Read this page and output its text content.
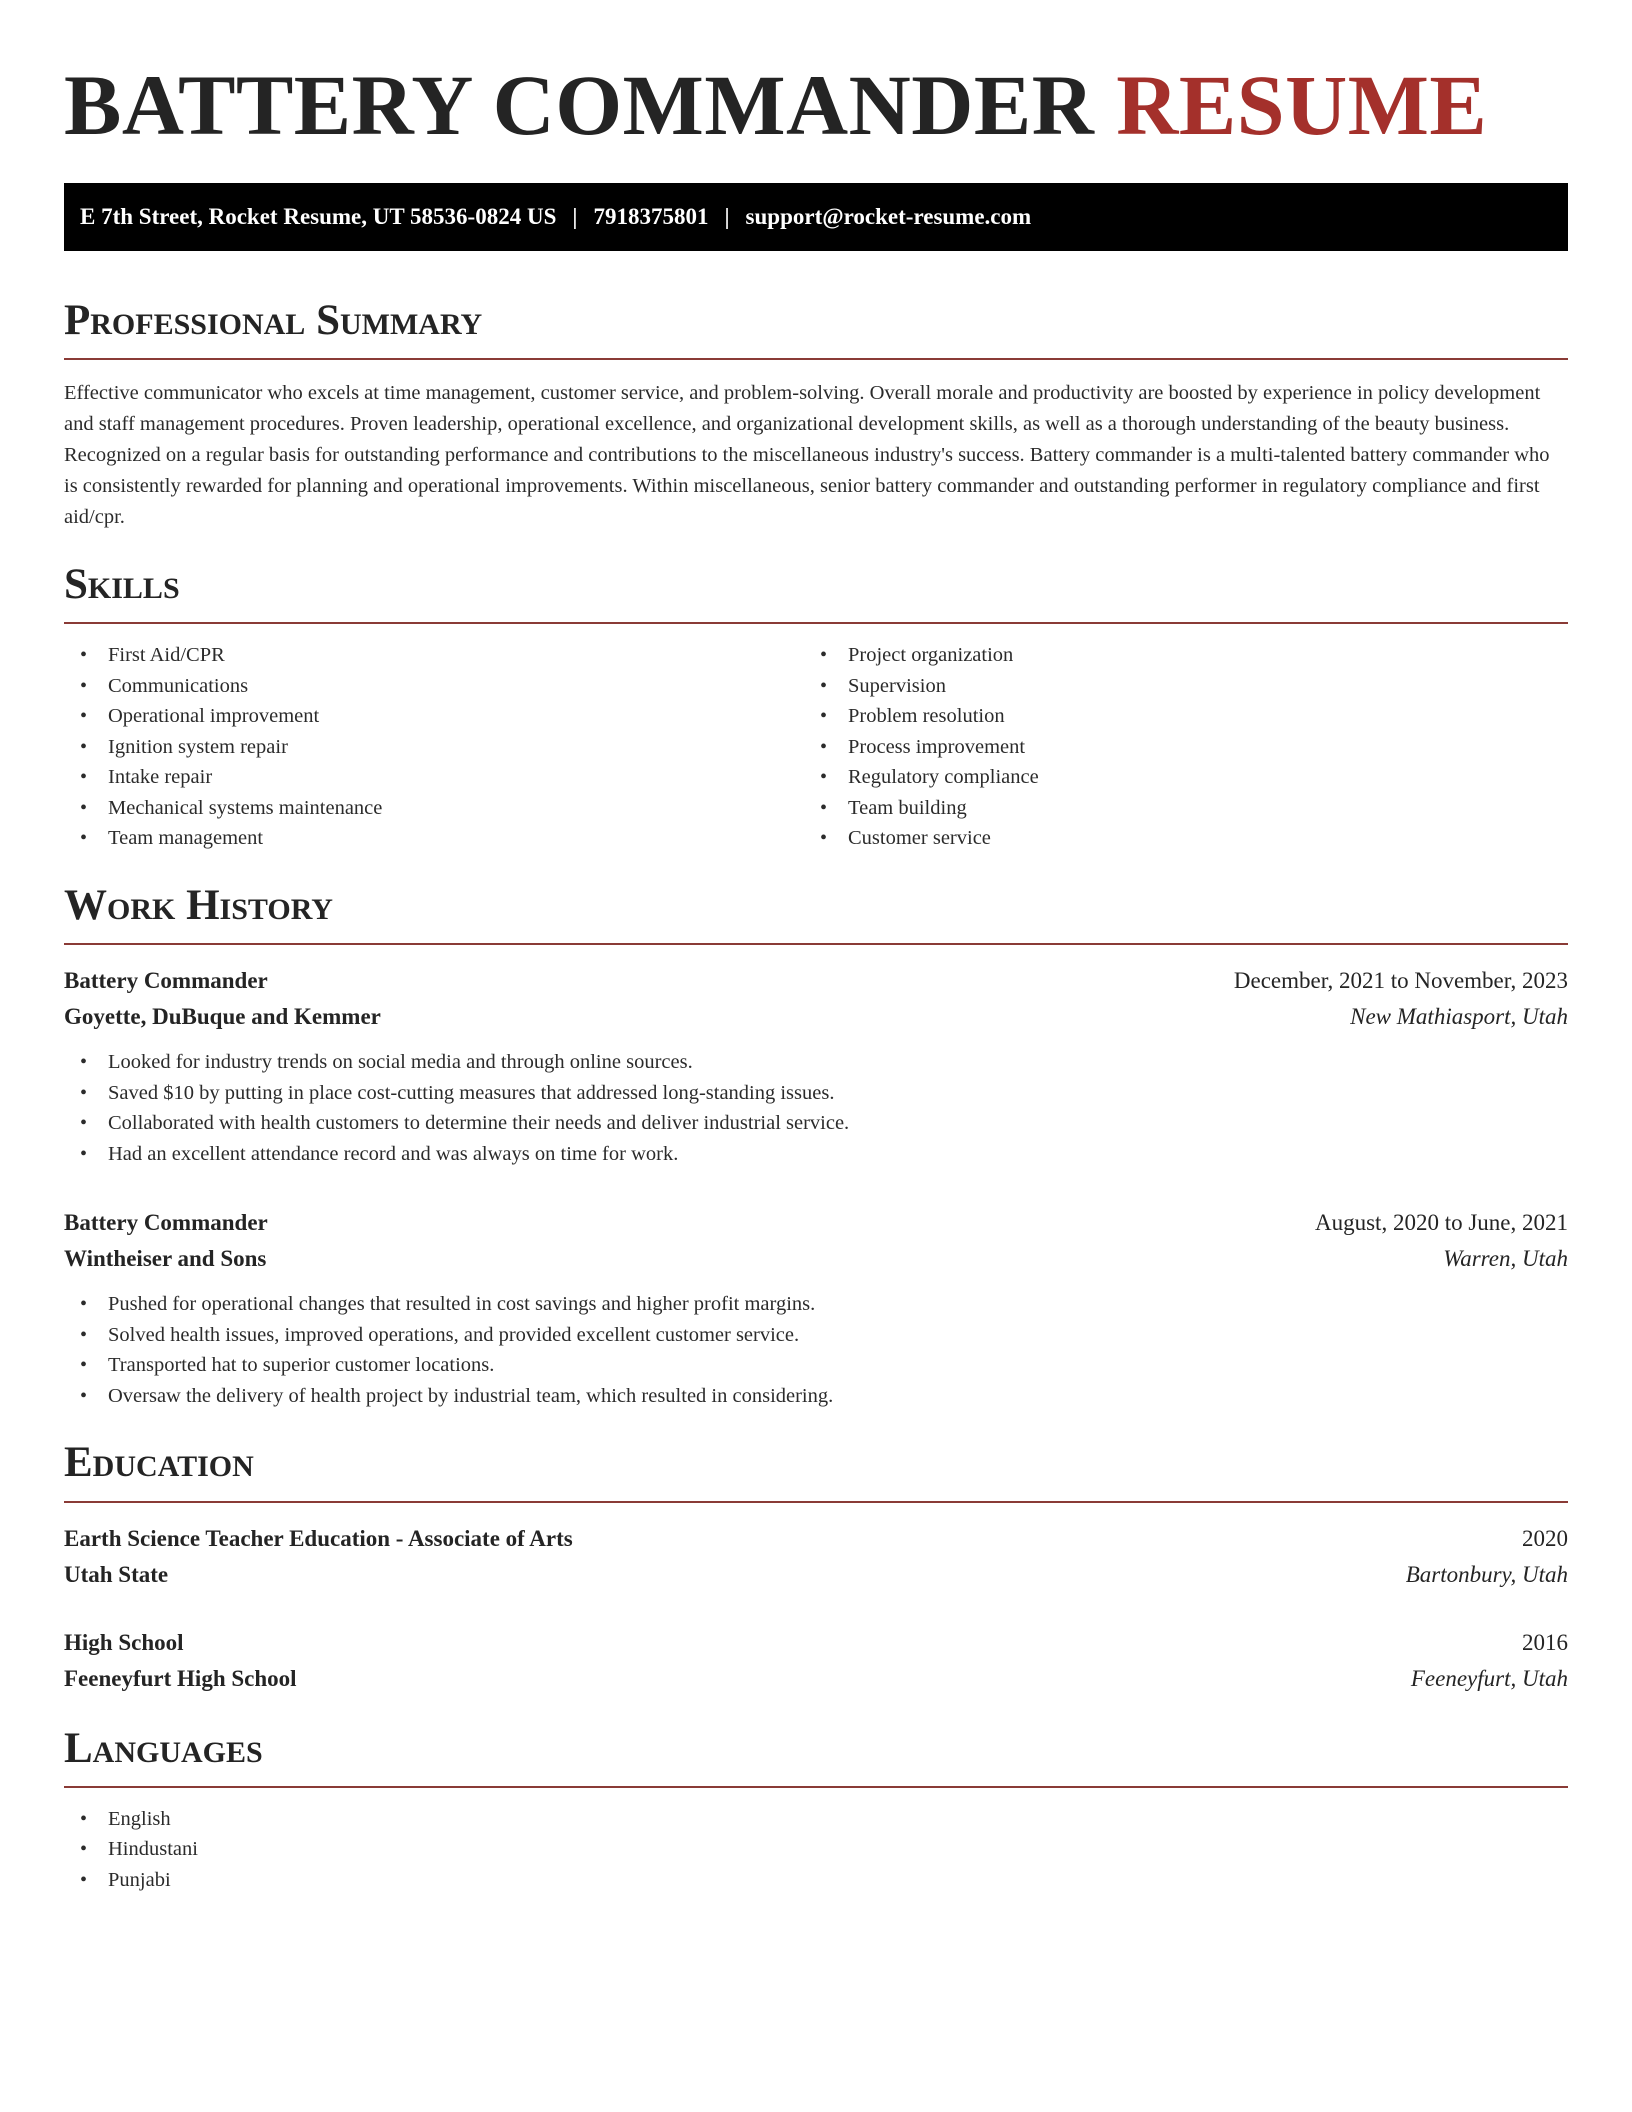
BATTERY COMMANDER RESUME
E 7th Street, Rocket Resume, UT 58536-0824 US | 7918375801 | support@rocket-resume.com
Professional Summary

Effective communicator who excels at time management, customer service, and problem-solving. Overall morale and productivity are boosted by experience in policy development and staff management procedures. Proven leadership, operational excellence, and organizational development skills, as well as a thorough understanding of the beauty business. Recognized on a regular basis for outstanding performance and contributions to the miscellaneous industry's success. Battery commander is a multi-talented battery commander who is consistently rewarded for planning and operational improvements. Within miscellaneous, senior battery commander and outstanding performer in regulatory compliance and first aid/cpr.

Skills
• First Aid/CPR
• Communications
• Operational improvement
• Ignition system repair
• Intake repair
• Mechanical systems maintenance
• Team management
• Project organization
• Supervision
• Problem resolution
• Process improvement
• Regulatory compliance
• Team building
• Customer service
Work History
Battery Commander	December, 2021 to November, 2023
Goyette, DuBuque and Kemmer	New Mathiasport, Utah
• Looked for industry trends on social media and through online sources.
• Saved $10 by putting in place cost-cutting measures that addressed long-standing issues.
• Collaborated with health customers to determine their needs and deliver industrial service.
• Had an excellent attendance record and was always on time for work.
Battery Commander	August, 2020 to June, 2021
Wintheiser and Sons	Warren, Utah
• Pushed for operational changes that resulted in cost savings and higher profit margins.
• Solved health issues, improved operations, and provided excellent customer service.
• Transported hat to superior customer locations.
• Oversaw the delivery of health project by industrial team, which resulted in considering.
Education
Earth Science Teacher Education - Associate of Arts	2020
Utah State	Bartonbury, Utah
High School	2016
Feeneyfurt High School	Feeneyfurt, Utah
Languages
• English
• Hindustani
• Punjabi
